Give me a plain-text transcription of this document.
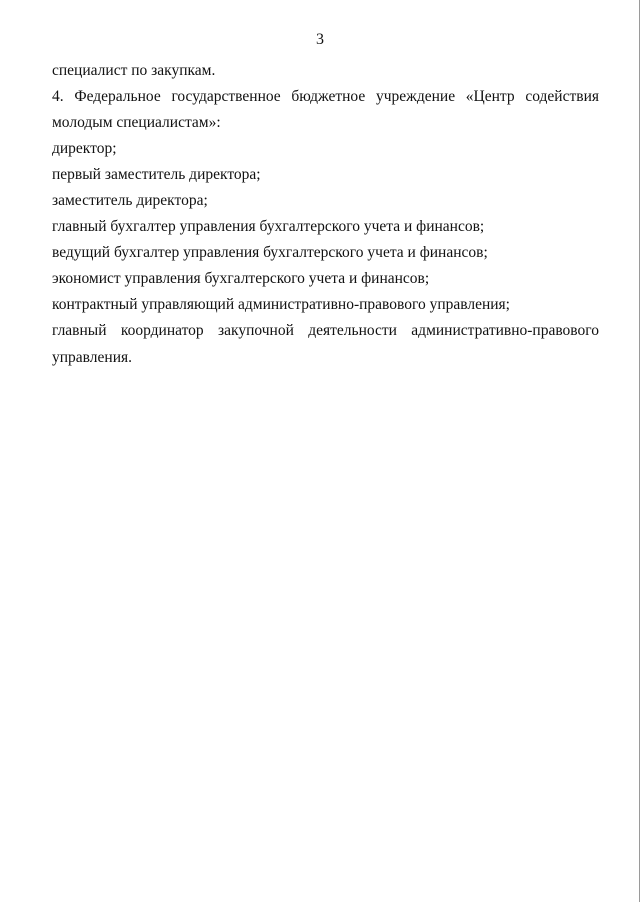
3
специалист по закупкам.
4. Федеральное государственное бюджетное учреждение «Центр содействия
молодым специалистам»:
директор;
первый заместитель директора;
заместитель директора;
главный бухгалтер управления бухгалтерского учета и финансов;
ведущий бухгалтер управления бухгалтерского учета и финансов;
экономист управления бухгалтерского учета и финансов;
контрактный управляющий административно-правового управления;
главный координатор закупочной деятельности административно-правового
управления.
